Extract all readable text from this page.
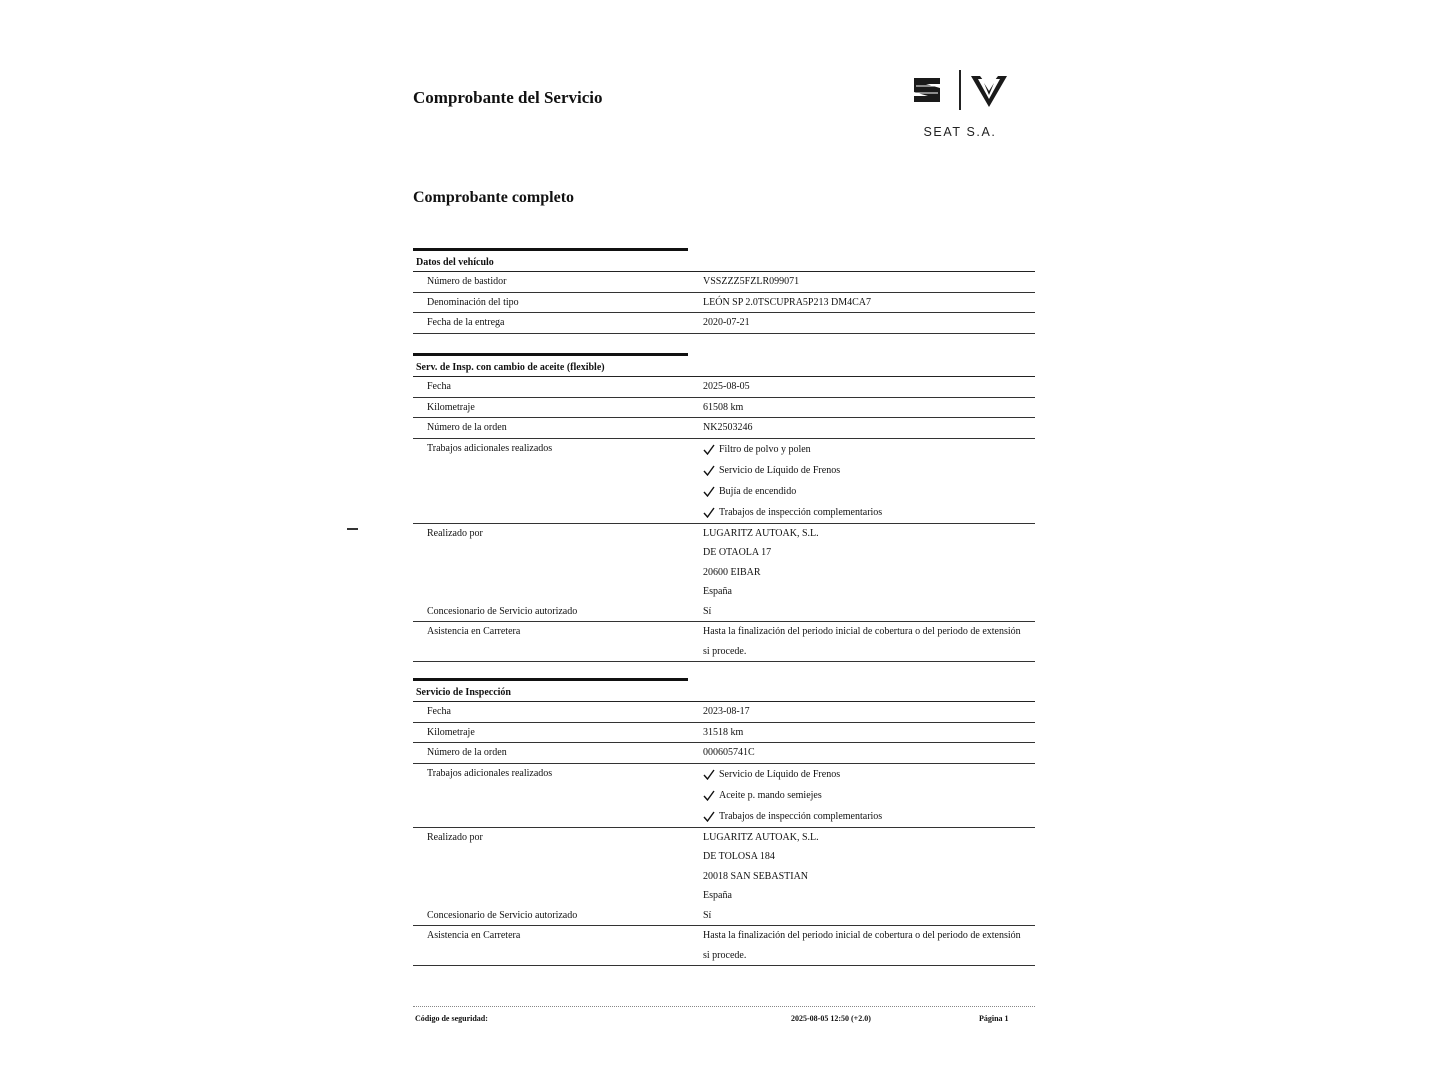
Comprobante del Servicio
SEAT S.A.
Comprobante completo
Datos del vehículo
Número de bastidor	VSSZZZ5FZLR099071
Denominación del tipo	LEÓN SP 2.0TSCUPRA5P213 DM4CA7
Fecha de la entrega	2020-07-21
Serv. de Insp. con cambio de aceite (flexible)
Fecha	2025-08-05
Kilometraje	61508 km
Número de la orden	NK2503246
Trabajos adicionales realizados	Filtro de polvo y polen
Servicio de Líquido de Frenos
Bujía de encendido
Trabajos de inspección complementarios
Realizado por	LUGARITZ AUTOAK, S.L.
DE OTAOLA 17
20600 EIBAR
España
Concesionario de Servicio autorizado	Sí
Asistencia en Carretera	Hasta la finalización del periodo inicial de cobertura o del periodo de extensión
si procede.
Servicio de Inspección
Fecha	2023-08-17
Kilometraje	31518 km
Número de la orden	000605741C
Trabajos adicionales realizados	Servicio de Líquido de Frenos
Aceite p. mando semiejes
Trabajos de inspección complementarios
Realizado por	LUGARITZ AUTOAK, S.L.
DE TOLOSA 184
20018 SAN SEBASTIAN
España
Concesionario de Servicio autorizado	Sí
Asistencia en Carretera	Hasta la finalización del periodo inicial de cobertura o del periodo de extensión
si procede.
Código de seguridad:	2025-08-05 12:50 (+2.0)	Página 1
